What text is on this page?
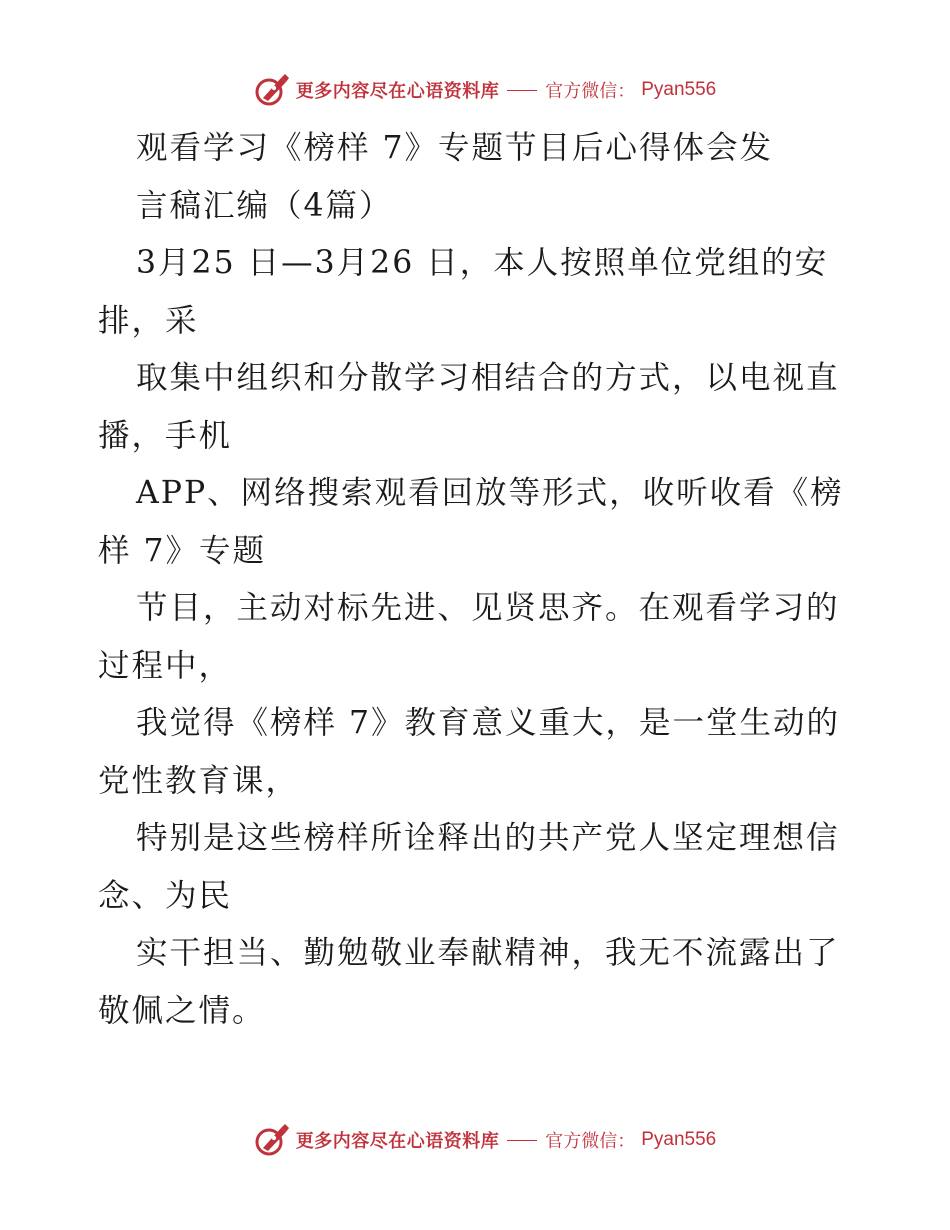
更多内容尽在心语资料库	官方微信： Pyan556
观看学习《榜样 7》专题节目后心得体会发
言稿汇编（4篇）
3月25 日—3月26 日，本人按照单位党组的安
排，采
取集中组织和分散学习相结合的方式，以电视直
播，手机
APP、网络搜索观看回放等形式，收听收看《榜
样 7》专题
节目，主动对标先进、见贤思齐。在观看学习的
过程中，
我觉得《榜样 7》教育意义重大，是一堂生动的
党性教育课，
特别是这些榜样所诠释出的共产党人坚定理想信
念、为民
实干担当、勤勉敬业奉献精神，我无不流露出了
敬佩之情。
更多内容尽在心语资料库	官方微信： Pyan556
